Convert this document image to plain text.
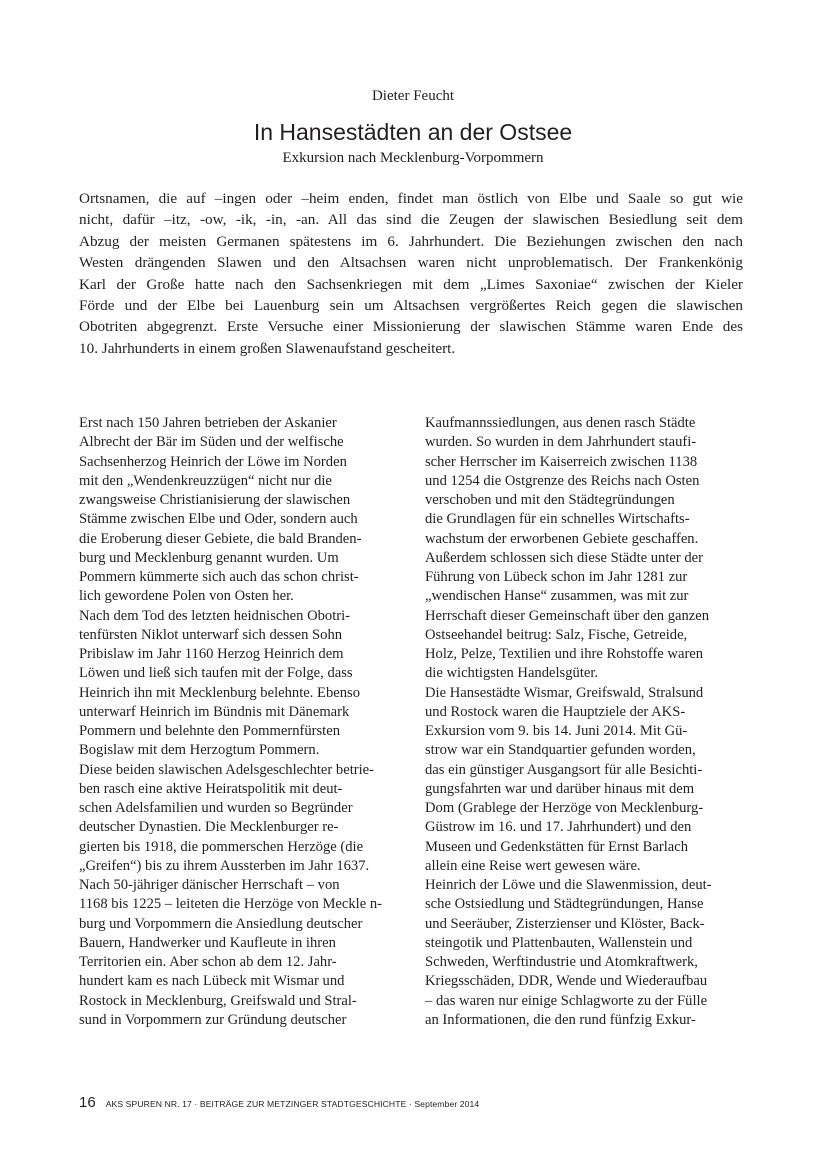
Dieter Feucht
In Hansestädten an der Ostsee
Exkursion nach Mecklenburg-Vorpommern

Ortsnamen, die auf –ingen oder –heim enden, findet man östlich von Elbe und Saale so gut wie
nicht, dafür –itz, -ow, -ik, -in, -an. All das sind die Zeugen der slawischen Besiedlung seit dem
Abzug der meisten Germanen spätestens im 6. Jahrhundert. Die Beziehungen zwischen den nach
Westen drängenden Slawen und den Altsachsen waren nicht unproblematisch. Der Frankenkönig
Karl der Große hatte nach den Sachsenkriegen mit dem „Limes Saxoniae“ zwischen der Kieler
Förde und der Elbe bei Lauenburg sein um Altsachsen vergrößertes Reich gegen die slawischen
Obotriten abgegrenzt. Erste Versuche einer Missionierung der slawischen Stämme waren Ende des
10. Jahrhunderts in einem großen Slawenaufstand gescheitert.

Erst nach 150 Jahren betrieben der Askanier
Albrecht der Bär im Süden und der welfische
Sachsenherzog Heinrich der Löwe im Norden
mit den „Wendenkreuzzügen“ nicht nur die
zwangsweise Christianisierung der slawischen
Stämme zwischen Elbe und Oder, sondern auch
die Eroberung dieser Gebiete, die bald Branden-
burg und Mecklenburg genannt wurden. Um
Pommern kümmerte sich auch das schon christ-
lich gewordene Polen von Osten her.
Nach dem Tod des letzten heidnischen Obotri-
tenfürsten Niklot unterwarf sich dessen Sohn
Pribislaw im Jahr 1160 Herzog Heinrich dem
Löwen und ließ sich taufen mit der Folge, dass
Heinrich ihn mit Mecklenburg belehnte. Ebenso
unterwarf Heinrich im Bündnis mit Dänemark
Pommern und belehnte den Pommernfürsten
Bogislaw mit dem Herzogtum Pommern.
Diese beiden slawischen Adelsgeschlechter betrie-
ben rasch eine aktive Heiratspolitik mit deut-
schen Adelsfamilien und wurden so Begründer
deutscher Dynastien. Die Mecklenburger re-
gierten bis 1918, die pommerschen Herzöge (die
„Greifen“) bis zu ihrem Aussterben im Jahr 1637.
Nach 50-jähriger dänischer Herrschaft – von
1168 bis 1225 – leiteten die Herzöge von Meckle n-
burg und Vorpommern die Ansiedlung deutscher
Bauern, Handwerker und Kaufleute in ihren
Territorien ein. Aber schon ab dem 12. Jahr-
hundert kam es nach Lübeck mit Wismar und
Rostock in Mecklenburg, Greifswald und Stral-
sund in Vorpommern zur Gründung deutscher
Kaufmannssiedlungen, aus denen rasch Städte
wurden. So wurden in dem Jahrhundert staufi-
scher Herrscher im Kaiserreich zwischen 1138
und 1254 die Ostgrenze des Reichs nach Osten
verschoben und mit den Städtegründungen
die Grundlagen für ein schnelles Wirtschafts-
wachstum der erworbenen Gebiete geschaffen.
Außerdem schlossen sich diese Städte unter der
Führung von Lübeck schon im Jahr 1281 zur
„wendischen Hanse“ zusammen, was mit zur
Herrschaft dieser Gemeinschaft über den ganzen
Ostseehandel beitrug: Salz, Fische, Getreide,
Holz, Pelze, Textilien und ihre Rohstoffe waren
die wichtigsten Handelsgüter.
Die Hansestädte Wismar, Greifswald, Stralsund
und Rostock waren die Hauptziele der AKS-
Exkursion vom 9. bis 14. Juni 2014. Mit Gü-
strow war ein Standquartier gefunden worden,
das ein günstiger Ausgangsort für alle Besichti-
gungsfahrten war und darüber hinaus mit dem
Dom (Grablege der Herzöge von Mecklenburg-
Güstrow im 16. und 17. Jahrhundert) und den
Museen und Gedenkstätten für Ernst Barlach
allein eine Reise wert gewesen wäre.
Heinrich der Löwe und die Slawenmission, deut-
sche Ostsiedlung und Städtegründungen, Hanse
und Seeräuber, Zisterzienser und Klöster, Back-
steingotik und Plattenbauten, Wallenstein und
Schweden, Werftindustrie und Atomkraftwerk,
Kriegsschäden, DDR, Wende und Wiederaufbau
– das waren nur einige Schlagworte zu der Fülle
an Informationen, die den rund fünfzig Exkur-
16 AKS SPUREN NR. 17 · BEITRÄGE ZUR METZINGER STADTGESCHICHTE · September 2014
